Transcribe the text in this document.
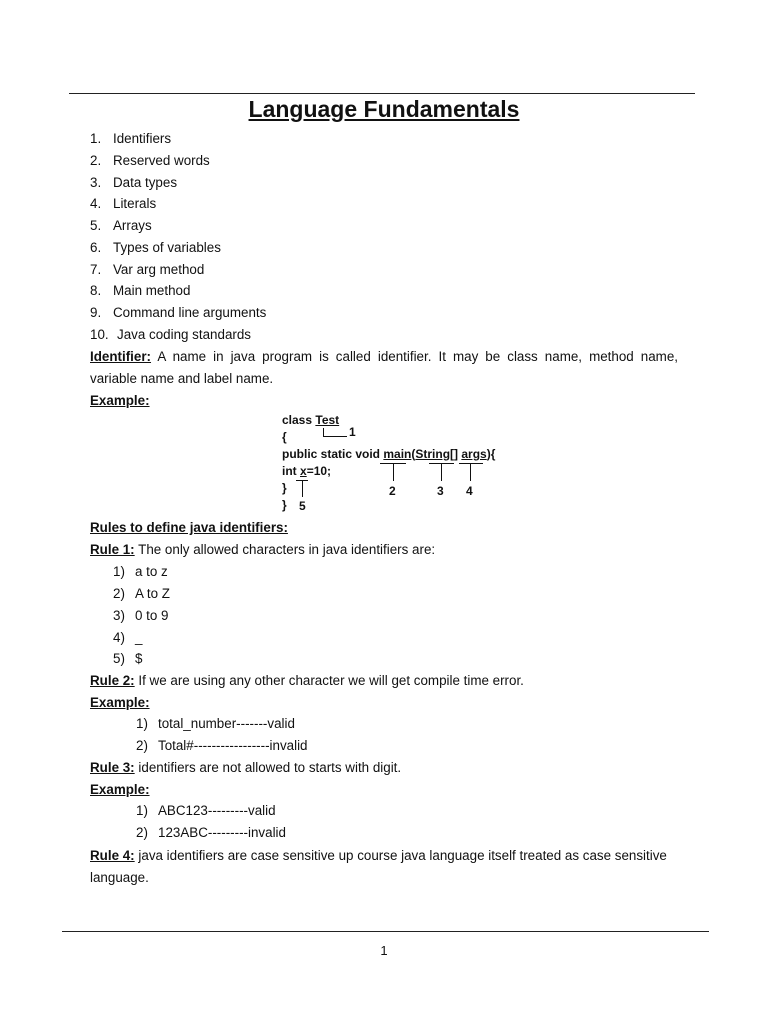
Language Fundamentals
1. Identifiers
2. Reserved words
3. Data types
4. Literals
5. Arrays
6. Types of variables
7. Var arg method
8. Main method
9. Command line arguments
10. Java coding standards
Identifier: A name in java program is called identifier. It may be class name, method name, variable name and label name.
Example:
class Test
{
public static void main(String[] args){
int x=10;
}
}
1
2	3 4
5
Rules to define java identifiers:
Rule 1: The only allowed characters in java identifiers are:
1) a to z
2) A to Z
3) 0 to 9
4) _
5) $
Rule 2: If we are using any other character we will get compile time error.
Example:
1) total_number-------valid
2) Total#-----------------invalid
Rule 3: identifiers are not allowed to starts with digit.
Example:
1) ABC123---------valid
2) 123ABC---------invalid
Rule 4: java identifiers are case sensitive up course java language itself treated as case sensitive language.
1
